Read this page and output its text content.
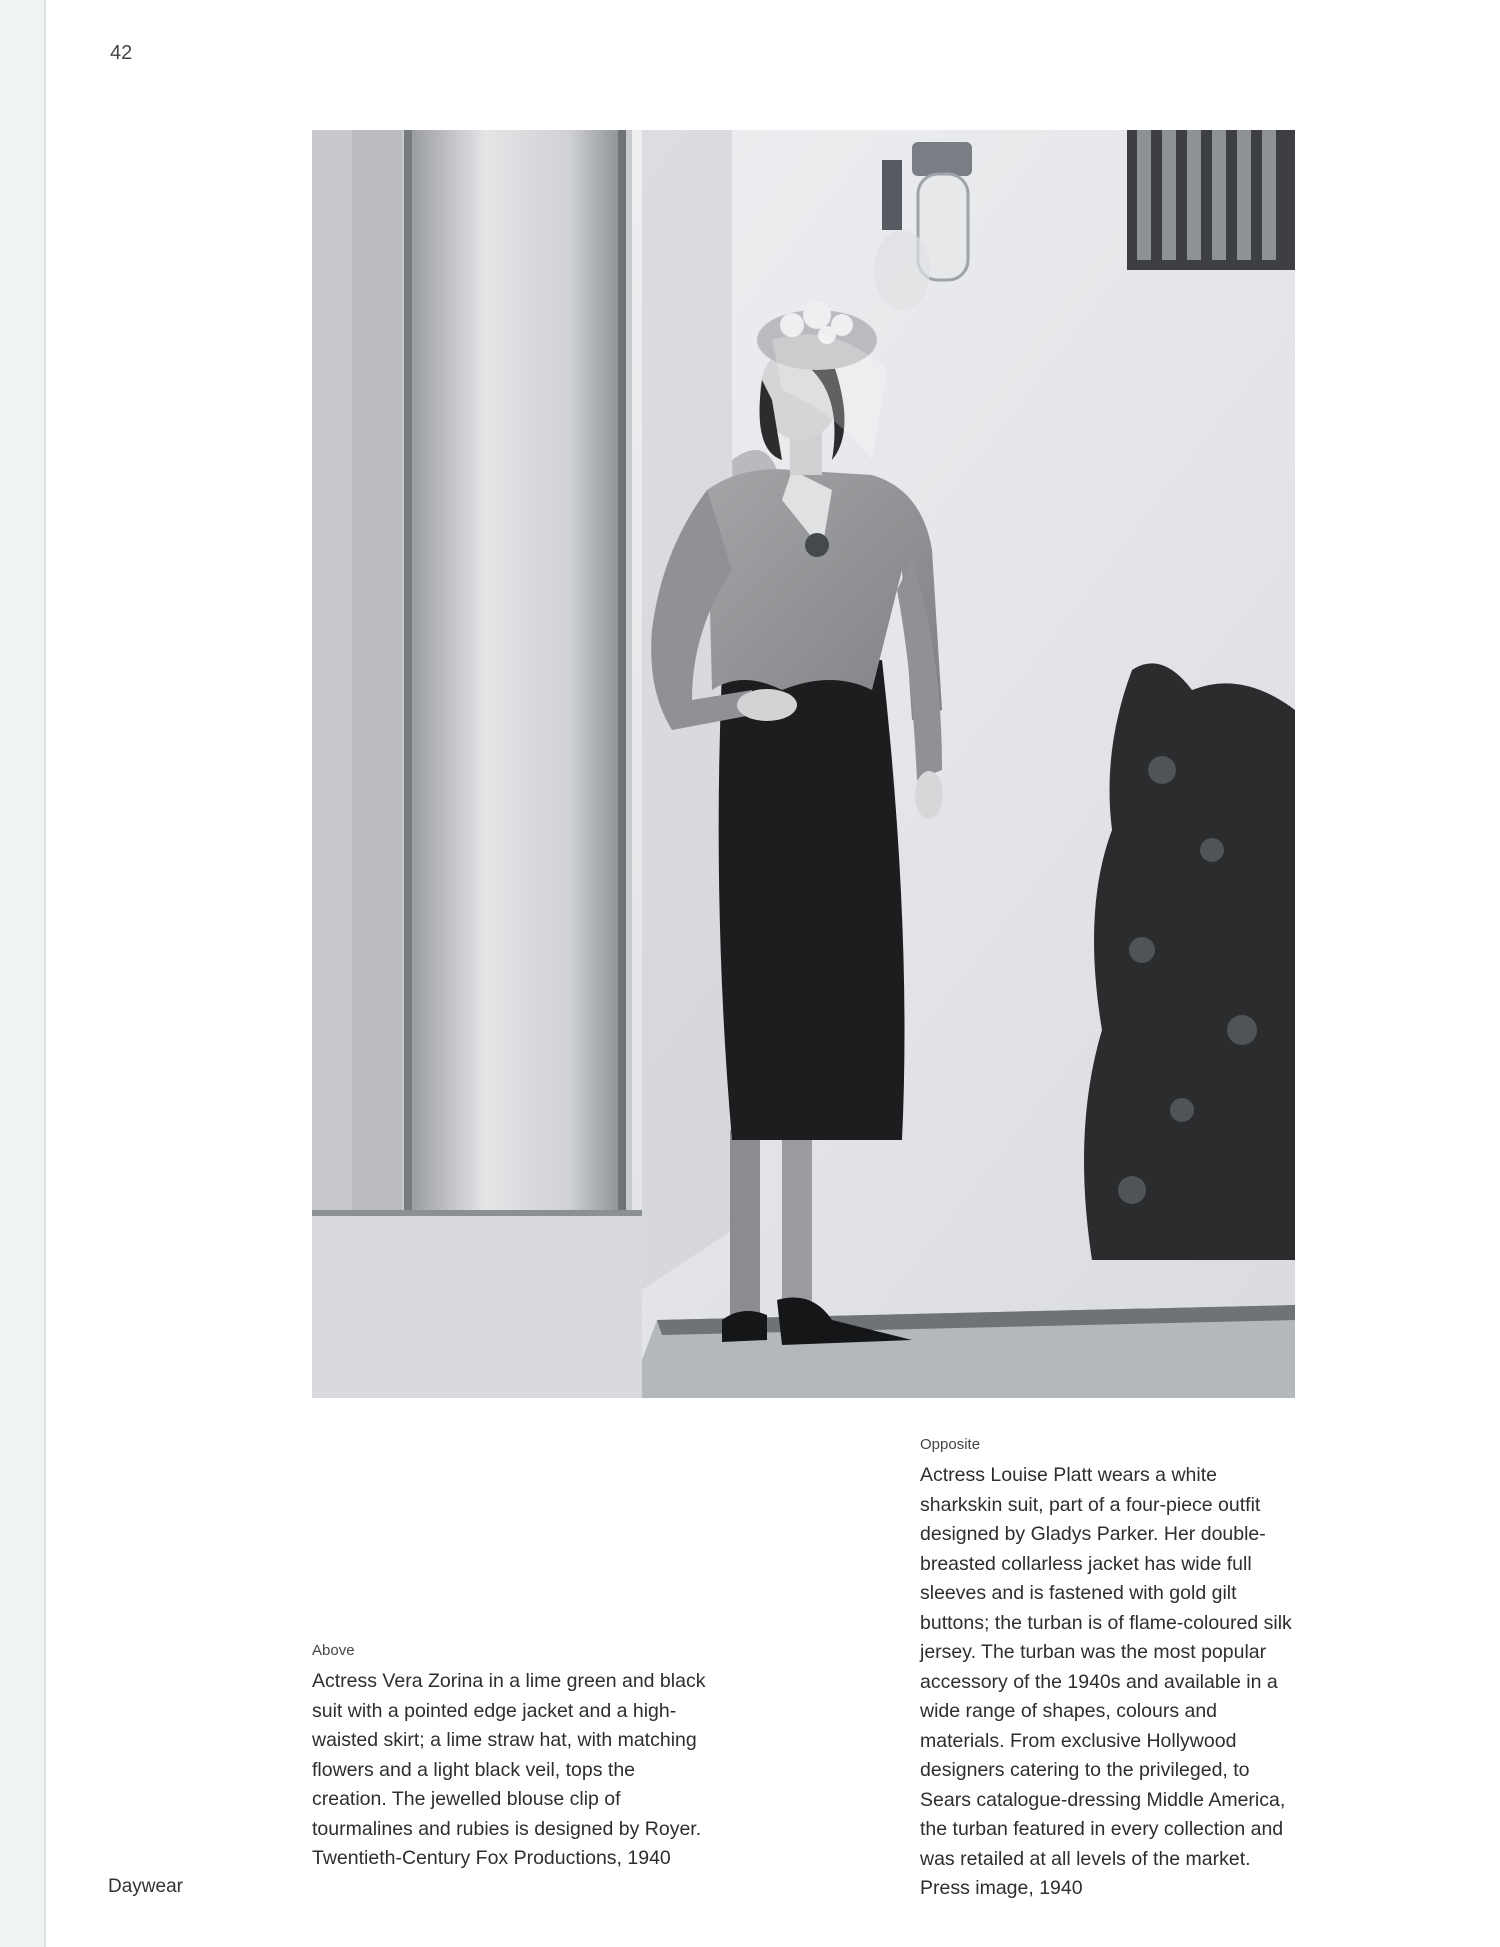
42
Above

Actress Vera Zorina in a lime green and black suit with a pointed edge jacket and a high-waisted skirt; a lime straw hat, with matching flowers and a light black veil, tops the creation. The jewelled blouse clip of tourmalines and rubies is designed by Royer. Twentieth-Century Fox Productions, 1940

Opposite

Actress Louise Platt wears a white sharkskin suit, part of a four-piece outfit designed by Gladys Parker. Her double-breasted collarless jacket has wide full sleeves and is fastened with gold gilt buttons; the turban is of flame-coloured silk jersey. The turban was the most popular accessory of the 1940s and available in a wide range of shapes, colours and materials. From exclusive Hollywood designers catering to the privileged, to Sears catalogue-dressing Middle America, the turban featured in every collection and was retailed at all levels of the market. Press image, 1940

Daywear
